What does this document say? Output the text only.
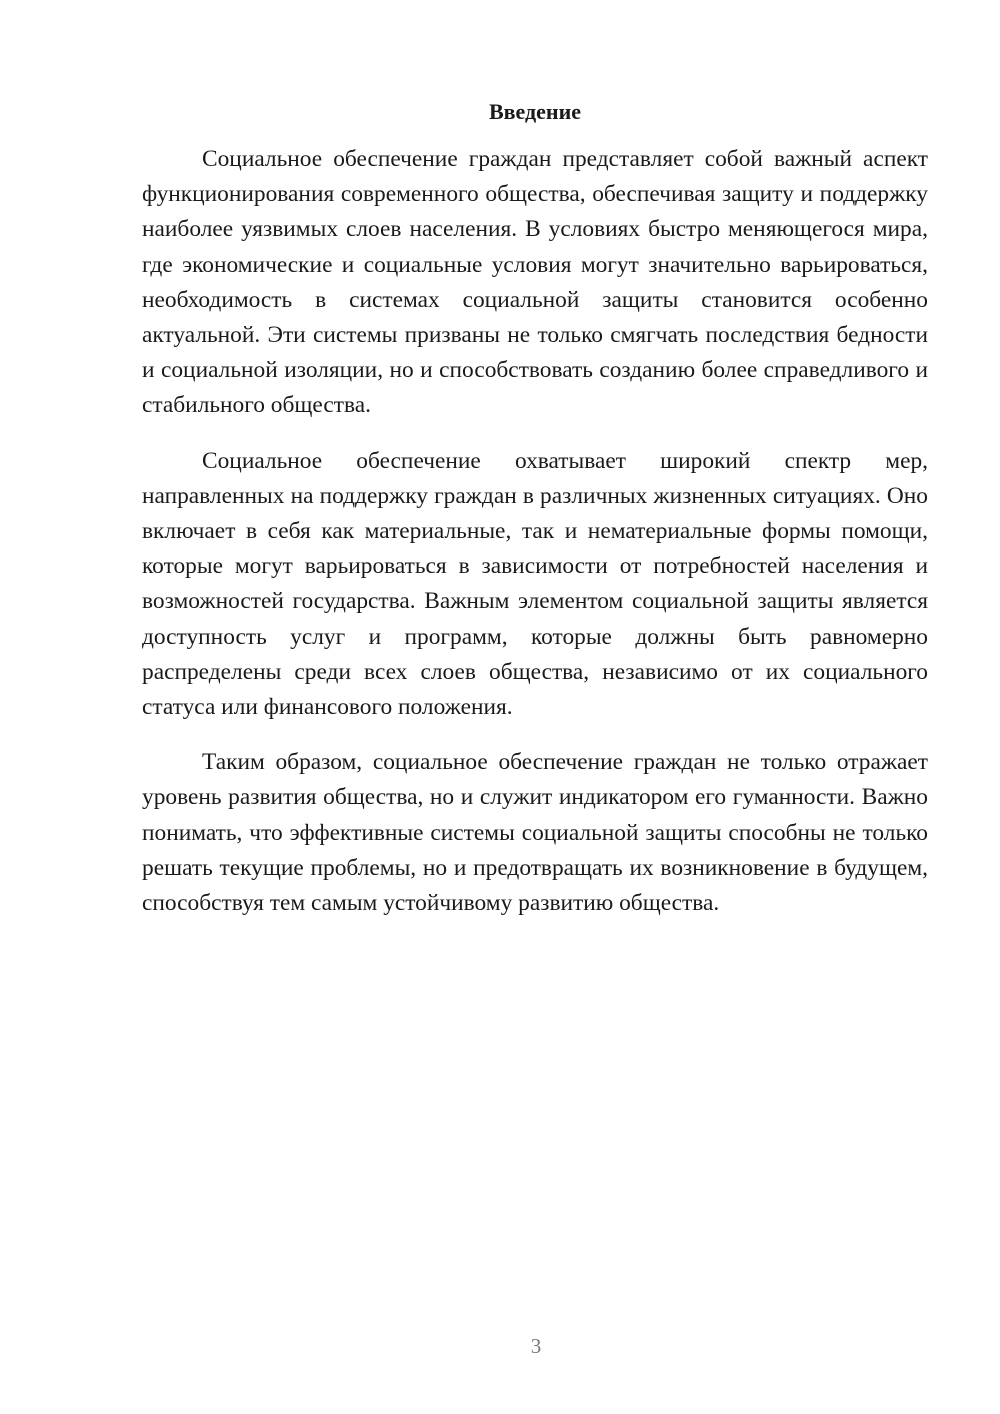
Введение

Социальное обеспечение граждан представляет собой важный аспект функционирования современного общества, обеспечивая защиту и поддержку наиболее уязвимых слоев населения. В условиях быстро меняющегося мира, где экономические и социальные условия могут значительно варьироваться, необходимость в системах социальной защиты становится особенно актуальной. Эти системы призваны не только смягчать последствия бедности и социальной изоляции, но и способствовать созданию более справедливого и стабильного общества.

Социальное обеспечение охватывает широкий спектр мер, направленных на поддержку граждан в различных жизненных ситуациях. Оно включает в себя как материальные, так и нематериальные формы помощи, которые могут варьироваться в зависимости от потребностей населения и возможностей государства. Важным элементом социальной защиты является доступность услуг и программ, которые должны быть равномерно распределены среди всех слоев общества, независимо от их социального статуса или финансового положения.

Таким образом, социальное обеспечение граждан не только отражает уровень развития общества, но и служит индикатором его гуманности. Важно понимать, что эффективные системы социальной защиты способны не только решать текущие проблемы, но и предотвращать их возникновение в будущем, способствуя тем самым устойчивому развитию общества.

3
